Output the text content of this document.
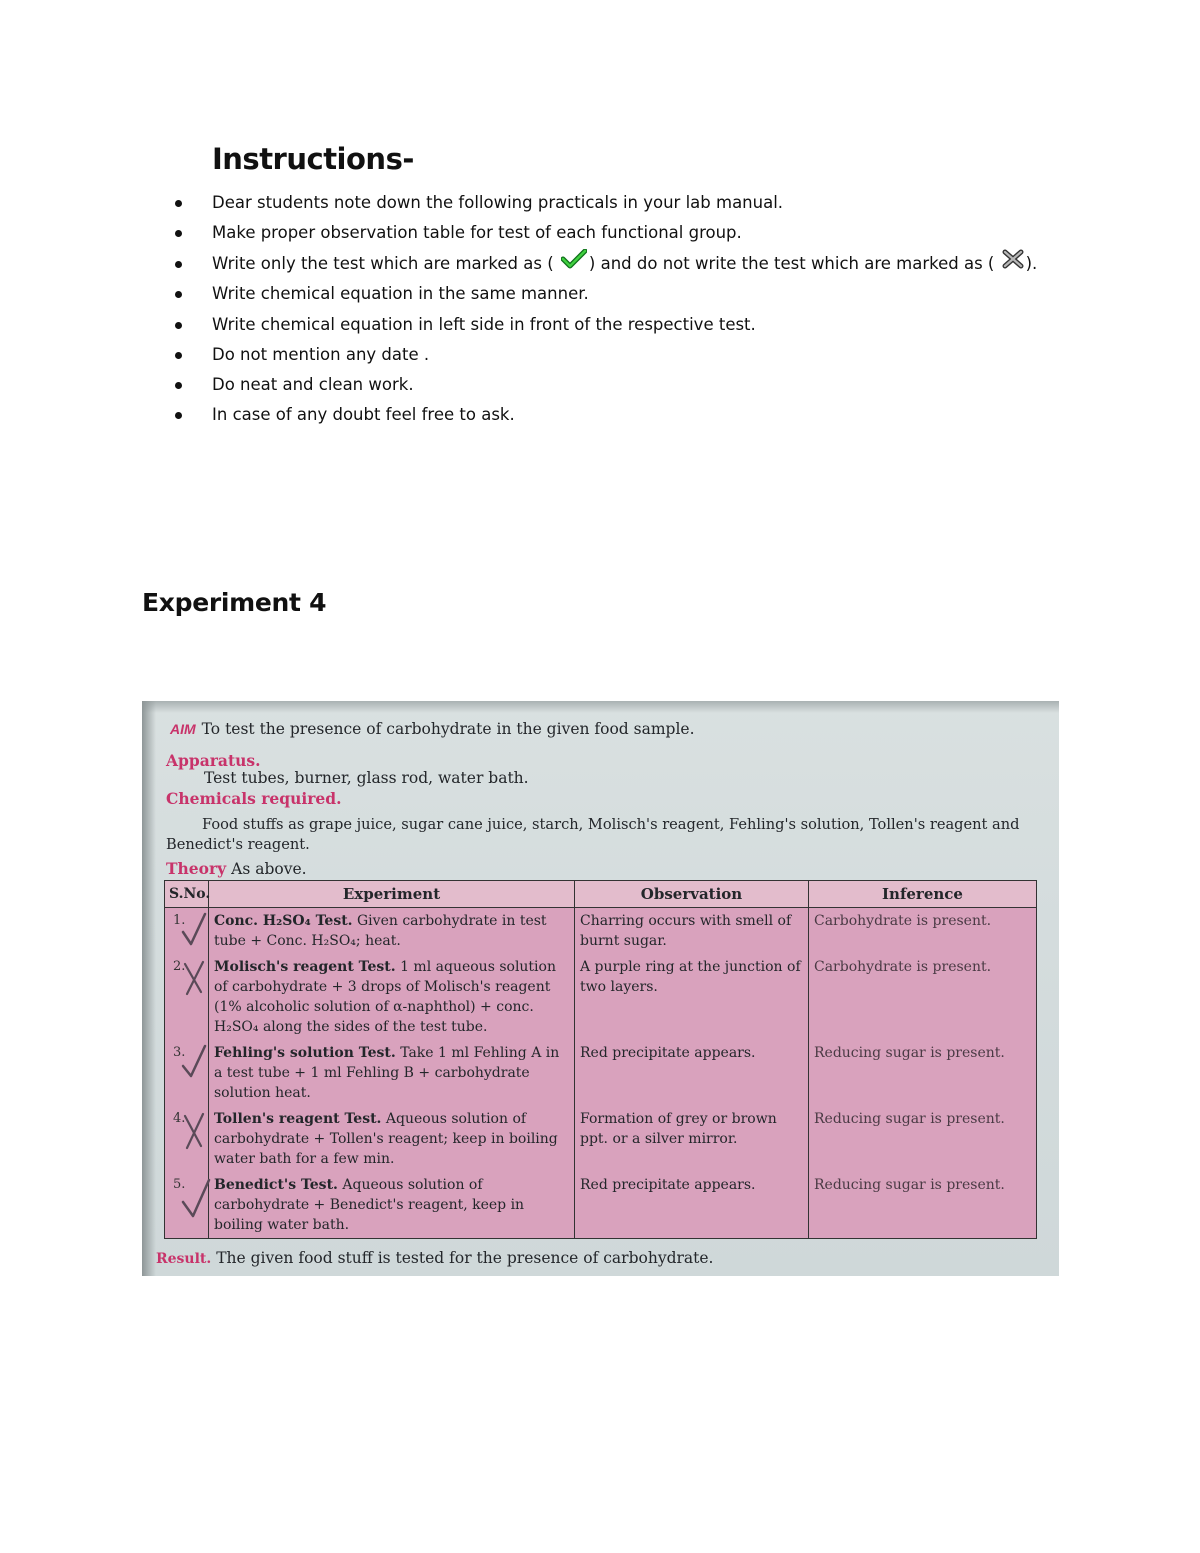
Instructions-
Dear students note down the following practicals in your lab manual.
Make proper observation table for test of each functional group.
Write only the test which are marked as ( ) and do not write the test which are marked as ( ).
Write chemical equation in the same manner.
Write chemical equation in left side in front of the respective test.
Do not mention any date .
Do neat and clean work.
In case of any doubt feel free to ask.
Experiment 4
AIM To test the presence of carbohydrate in the given food sample.
Apparatus.
Test tubes, burner, glass rod, water bath.
Chemicals required.
Food stuffs as grape juice, sugar cane juice, starch, Molisch's reagent, Fehling's solution, Tollen's reagent and
Benedict's reagent.
Theory As above.
S.No.	Experiment	Observation	Inference
1.	Conc. H₂SO₄ Test. Given carbohydrate in test tube + Conc. H₂SO₄; heat.	Charring occurs with smell of burnt sugar.	Carbohydrate is present.
2.	Molisch's reagent Test. 1 ml aqueous solution of carbohydrate + 3 drops of Molisch's reagent (1% alcoholic solution of α-naphthol) + conc. H₂SO₄ along the sides of the test tube.	A purple ring at the junction of two layers.	Carbohydrate is present.
3.	Fehling's solution Test. Take 1 ml Fehling A in a test tube + 1 ml Fehling B + carbohydrate solution heat.	Red precipitate appears.	Reducing sugar is present.
4.	Tollen's reagent Test. Aqueous solution of carbohydrate + Tollen's reagent; keep in boiling water bath for a few min.	Formation of grey or brown ppt. or a silver mirror.	Reducing sugar is present.
5.	Benedict's Test. Aqueous solution of carbohydrate + Benedict's reagent, keep in boiling water bath.	Red precipitate appears.	Reducing sugar is present.
Result. The given food stuff is tested for the presence of carbohydrate.
